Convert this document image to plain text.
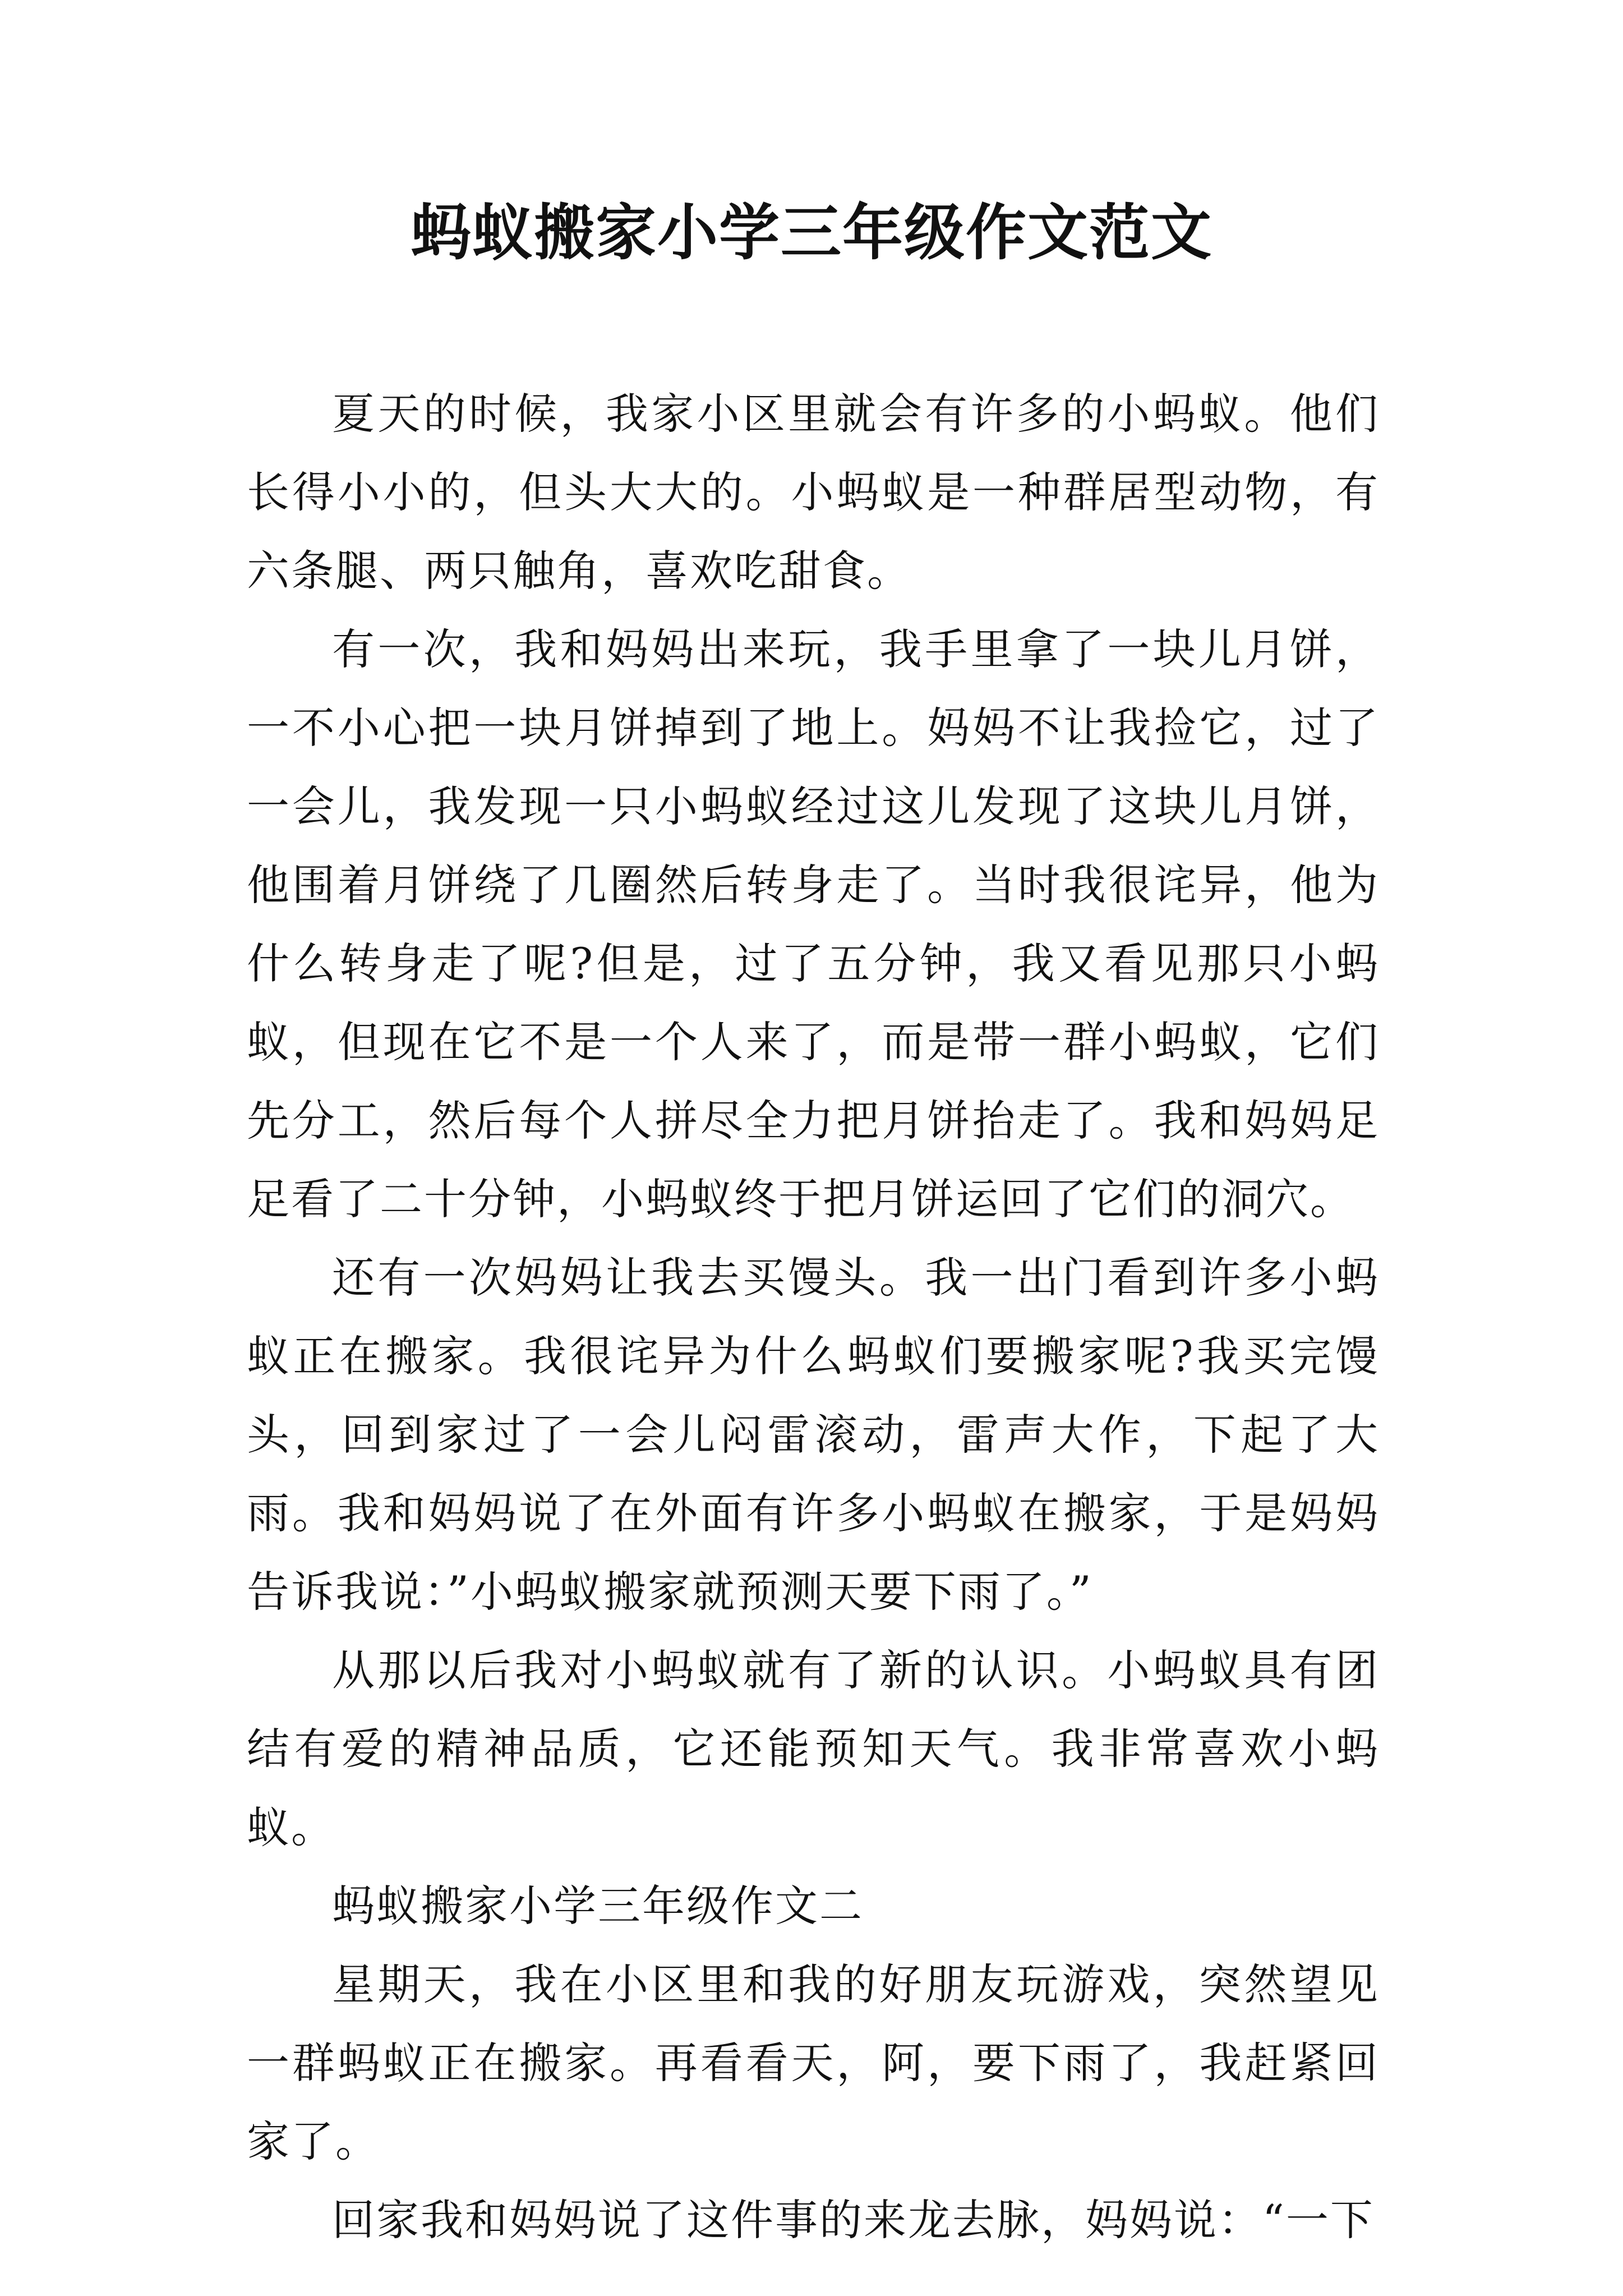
蚂蚁搬家小学三年级作文范文

夏天的时候，我家小区里就会有许多的小蚂蚁。他们长得小小的，但头大大的。小蚂蚁是一种群居型动物，有六条腿、两只触角，喜欢吃甜食。

有一次，我和妈妈出来玩，我手里拿了一块儿月饼，一不小心把一块月饼掉到了地上。妈妈不让我捡它，过了一会儿，我发现一只小蚂蚁经过这儿发现了这块儿月饼，他围着月饼绕了几圈然后转身走了。当时我很诧异，他为什么转身走了呢?但是，过了五分钟，我又看见那只小蚂蚁，但现在它不是一个人来了，而是带一群小蚂蚁，它们先分工，然后每个人拼尽全力把月饼抬走了。我和妈妈足足看了二十分钟，小蚂蚁终于把月饼运回了它们的洞穴。

还有一次妈妈让我去买馒头。我一出门看到许多小蚂蚁正在搬家。我很诧异为什么蚂蚁们要搬家呢?我买完馒头，回到家过了一会儿闷雷滚动，雷声大作，下起了大雨。我和妈妈说了在外面有许多小蚂蚁在搬家，于是妈妈告诉我说：”小蚂蚁搬家就预测天要下雨了。”

从那以后我对小蚂蚁就有了新的认识。小蚂蚁具有团结有爱的精神品质，它还能预知天气。我非常喜欢小蚂蚁。

蚂蚁搬家小学三年级作文二

星期天，我在小区里和我的好朋友玩游戏，突然望见一群蚂蚁正在搬家。再看看天，阿，要下雨了，我赶紧回家了。

回家我和妈妈说了这件事的来龙去脉，妈妈说：“一下
